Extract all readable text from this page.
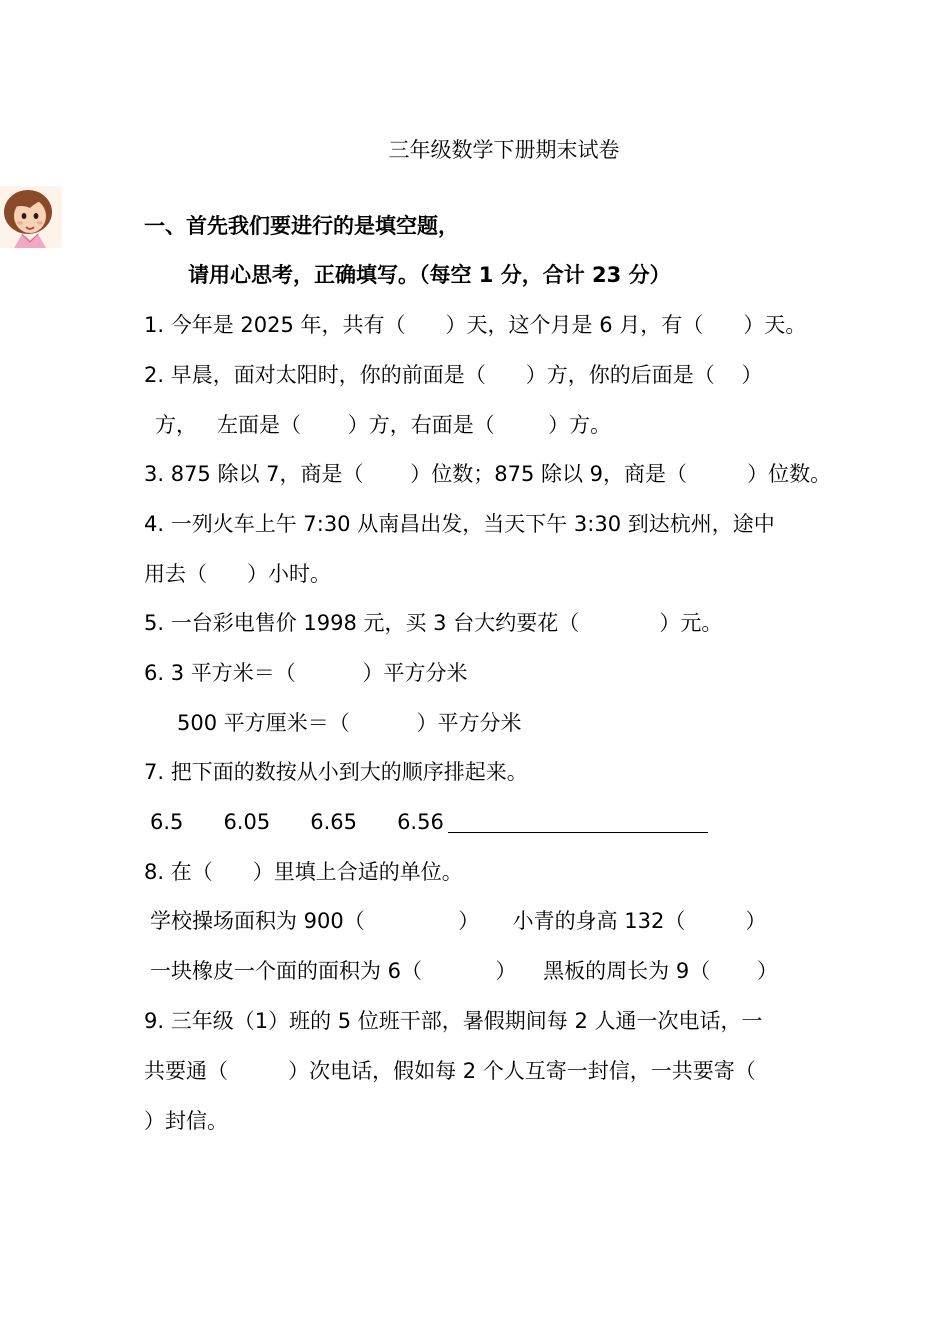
三年级数学下册期末试卷
一、首先我们要进行的是填空题，
请用心思考，正确填写。（每空 1 分，合计 23 分）
1. 今年是 2025 年，共有（      ）天，这个月是 6 月，有（      ）天。
2. 早晨，面对太阳时，你的前面是（      ）方，你的后面是（    ）
方，   左面是（       ）方，右面是（        ）方。
3. 875 除以 7，商是（       ）位数；875 除以 9，商是（         ）位数。
4. 一列火车上午 7:30 从南昌出发，当天下午 3:30 到达杭州，途中
用去（      ）小时。
5. 一台彩电售价 1998 元，买 3 台大约要花（            ）元。
6. 3 平方米＝（          ）平方分米
500 平方厘米＝（          ）平方分米
7. 把下面的数按从小到大的顺序排起来。
6.5      6.05      6.65      6.56
8. 在（      ）里填上合适的单位。
学校操场面积为 900（              ）     小青的身高 132（         ）
一块橡皮一个面的面积为 6（           ）    黑板的周长为 9（       ）
9. 三年级（1）班的 5 位班干部，暑假期间每 2 人通一次电话，一
共要通（         ）次电话，假如每 2 个人互寄一封信，一共要寄（
）封信。
